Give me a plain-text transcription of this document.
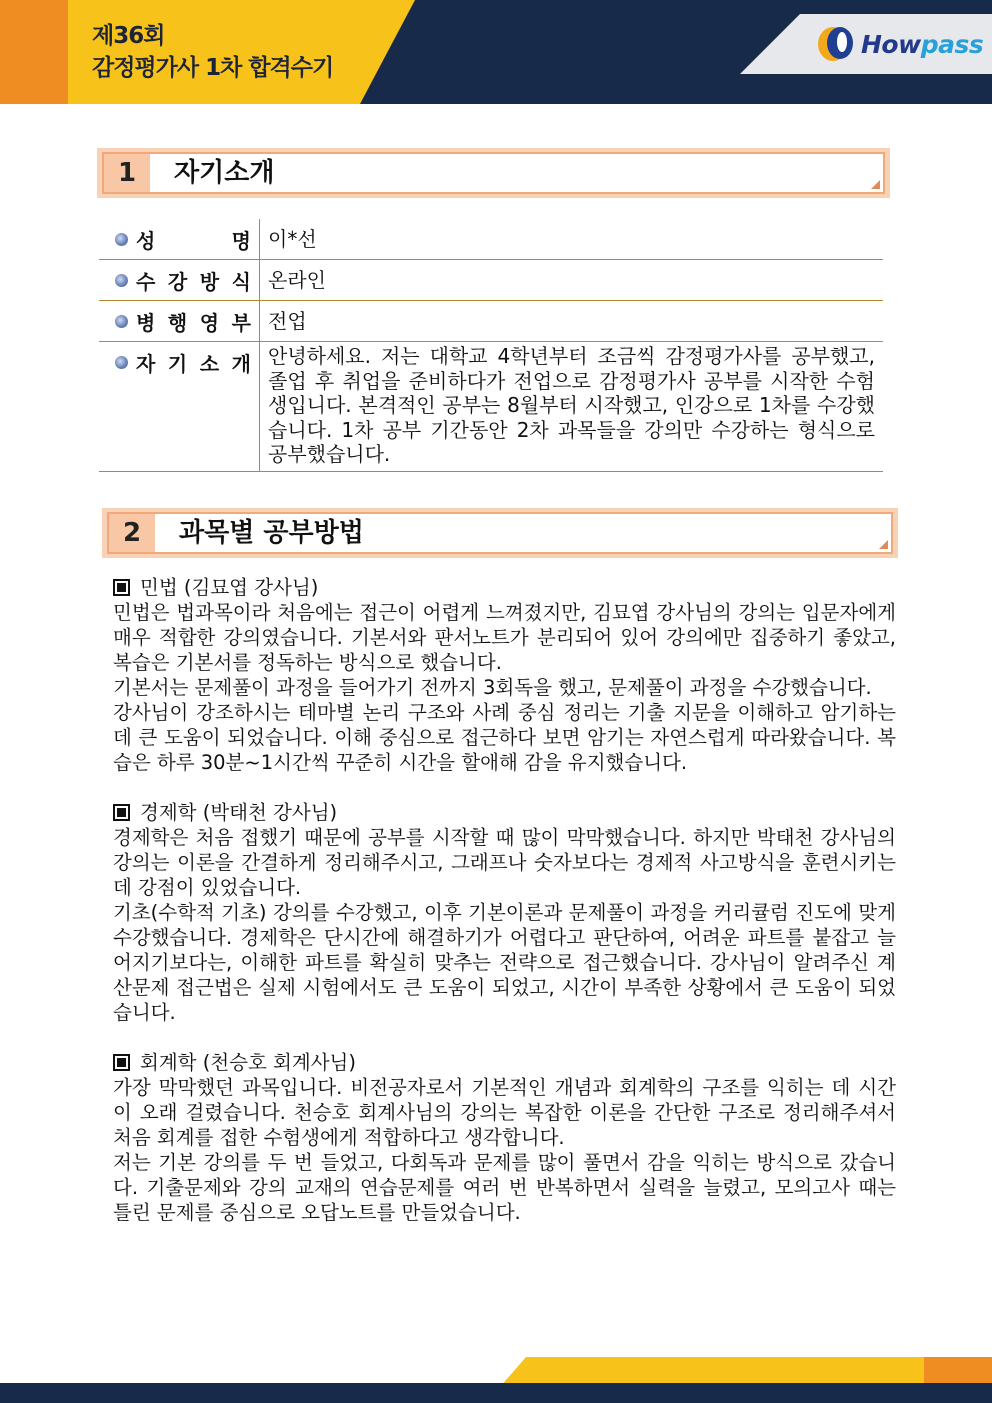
제36회
감정평가사 1차 합격수기
Howpass
1	자기소개
성 명	이*선

수 강 방 식	온라인

병 행 영 부	전업

자 기 소 개	안녕하세요. 저는 대학교 4학년부터 조금씩 감정평가사를 공부했고, 졸업 후 취업을 준비하다가 전업으로 감정평가사 공부를 시작한 수험생입니다. 본격적인 공부는 8월부터 시작했고, 인강으로 1차를 수강했습니다. 1차 공부 기간동안 2차 과목들을 강의만 수강하는 형식으로 공부했습니다.
2	과목별 공부방법
민법 (김묘엽 강사님)

민법은 법과목이라 처음에는 접근이 어렵게 느껴졌지만, 김묘엽 강사님의 강의는 입문자에게 매우 적합한 강의였습니다. 기본서와 판서노트가 분리되어 있어 강의에만 집중하기 좋았고, 복습은 기본서를 정독하는 방식으로 했습니다.

기본서는 문제풀이 과정을 들어가기 전까지 3회독을 했고, 문제풀이 과정을 수강했습니다.

강사님이 강조하시는 테마별 논리 구조와 사례 중심 정리는 기출 지문을 이해하고 암기하는 데 큰 도움이 되었습니다. 이해 중심으로 접근하다 보면 암기는 자연스럽게 따라왔습니다. 복습은 하루 30분~1시간씩 꾸준히 시간을 할애해 감을 유지했습니다.

경제학 (박태천 강사님)

경제학은 처음 접했기 때문에 공부를 시작할 때 많이 막막했습니다. 하지만 박태천 강사님의 강의는 이론을 간결하게 정리해주시고, 그래프나 숫자보다는 경제적 사고방식을 훈련시키는 데 강점이 있었습니다.

기초(수학적 기초) 강의를 수강했고, 이후 기본이론과 문제풀이 과정을 커리큘럼 진도에 맞게 수강했습니다. 경제학은 단시간에 해결하기가 어렵다고 판단하여, 어려운 파트를 붙잡고 늘어지기보다는, 이해한 파트를 확실히 맞추는 전략으로 접근했습니다. 강사님이 알려주신 계산문제 접근법은 실제 시험에서도 큰 도움이 되었고, 시간이 부족한 상황에서 큰 도움이 되었습니다.

회계학 (천승호 회계사님)

가장 막막했던 과목입니다. 비전공자로서 기본적인 개념과 회계학의 구조를 익히는 데 시간이 오래 걸렸습니다. 천승호 회계사님의 강의는 복잡한 이론을 간단한 구조로 정리해주셔서 처음 회계를 접한 수험생에게 적합하다고 생각합니다.

저는 기본 강의를 두 번 들었고, 다회독과 문제를 많이 풀면서 감을 익히는 방식으로 갔습니다. 기출문제와 강의 교재의 연습문제를 여러 번 반복하면서 실력을 늘렸고, 모의고사 때는 틀린 문제를 중심으로 오답노트를 만들었습니다.
